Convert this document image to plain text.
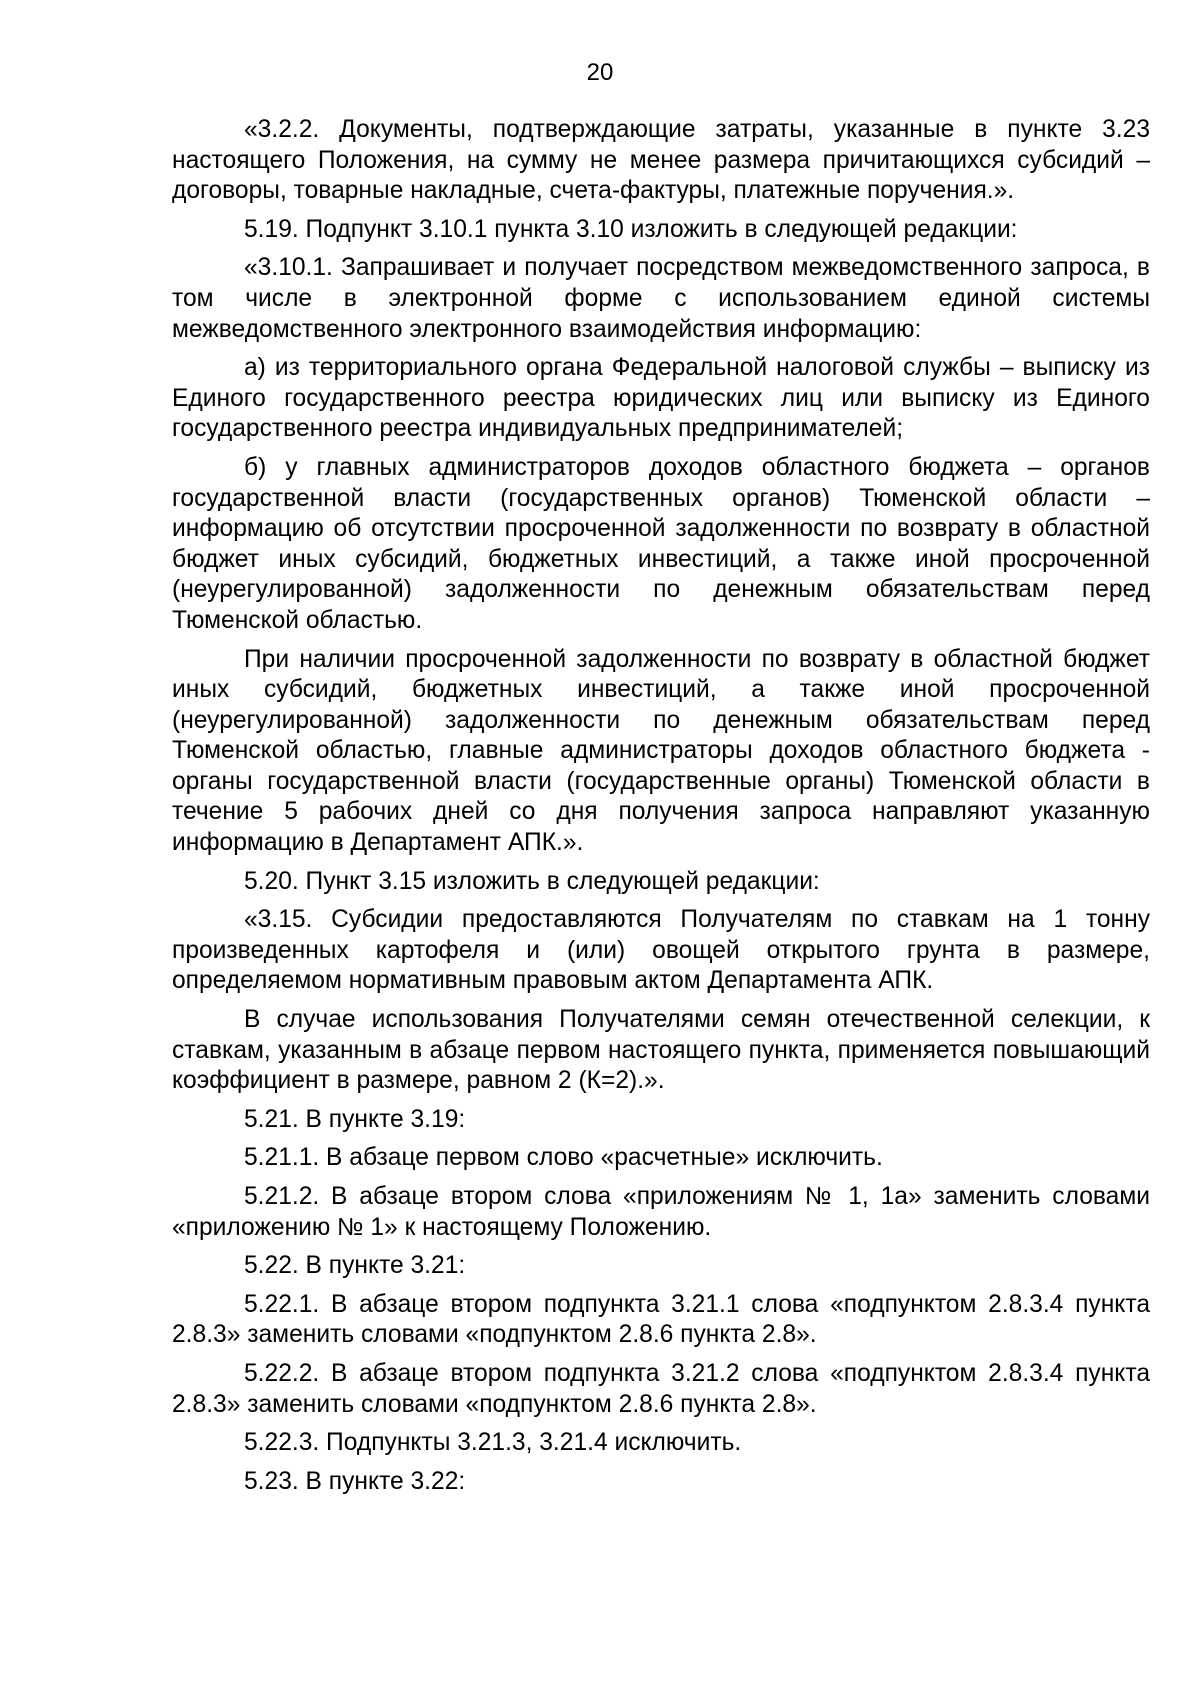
20

«3.2.2. Документы, подтверждающие затраты, указанные в пункте 3.23 настоящего Положения, на сумму не менее размера причитающихся субсидий – договоры, товарные накладные, счета-фактуры, платежные поручения.».

5.19. Подпункт 3.10.1 пункта 3.10 изложить в следующей редакции:

«3.10.1. Запрашивает и получает посредством межведомственного запроса, в том числе в электронной форме с использованием единой системы межведомственного электронного взаимодействия информацию:

а) из территориального органа Федеральной налоговой службы – выписку из Единого государственного реестра юридических лиц или выписку из Единого государственного реестра индивидуальных предпринимателей;

б) у главных администраторов доходов областного бюджета – органов государственной власти (государственных органов) Тюменской области – информацию об отсутствии просроченной задолженности по возврату в областной бюджет иных субсидий, бюджетных инвестиций, а также иной просроченной (неурегулированной) задолженности по денежным обязательствам перед Тюменской областью.

При наличии просроченной задолженности по возврату в областной бюджет иных субсидий, бюджетных инвестиций, а также иной просроченной (неурегулированной) задолженности по денежным обязательствам перед Тюменской областью, главные администраторы доходов областного бюджета - органы государственной власти (государственные органы) Тюменской области в течение 5 рабочих дней со дня получения запроса направляют указанную информацию в Департамент АПК.».

5.20. Пункт 3.15 изложить в следующей редакции:

«3.15. Субсидии предоставляются Получателям по ставкам на 1 тонну произведенных картофеля и (или) овощей открытого грунта в размере, определяемом нормативным правовым актом Департамента АПК.

В случае использования Получателями семян отечественной селекции, к ставкам, указанным в абзаце первом настоящего пункта, применяется повышающий коэффициент в размере, равном 2 (К=2).».

5.21. В пункте 3.19:

5.21.1. В абзаце первом слово «расчетные» исключить.

5.21.2. В абзаце втором слова «приложениям № 1, 1а» заменить словами «приложению № 1» к настоящему Положению.

5.22. В пункте 3.21:

5.22.1. В абзаце втором подпункта 3.21.1 слова «подпунктом 2.8.3.4 пункта 2.8.3» заменить словами «подпунктом 2.8.6 пункта 2.8».

5.22.2. В абзаце втором подпункта 3.21.2 слова «подпунктом 2.8.3.4 пункта 2.8.3» заменить словами «подпунктом 2.8.6 пункта 2.8».

5.22.3. Подпункты 3.21.3, 3.21.4 исключить.

5.23. В пункте 3.22:
